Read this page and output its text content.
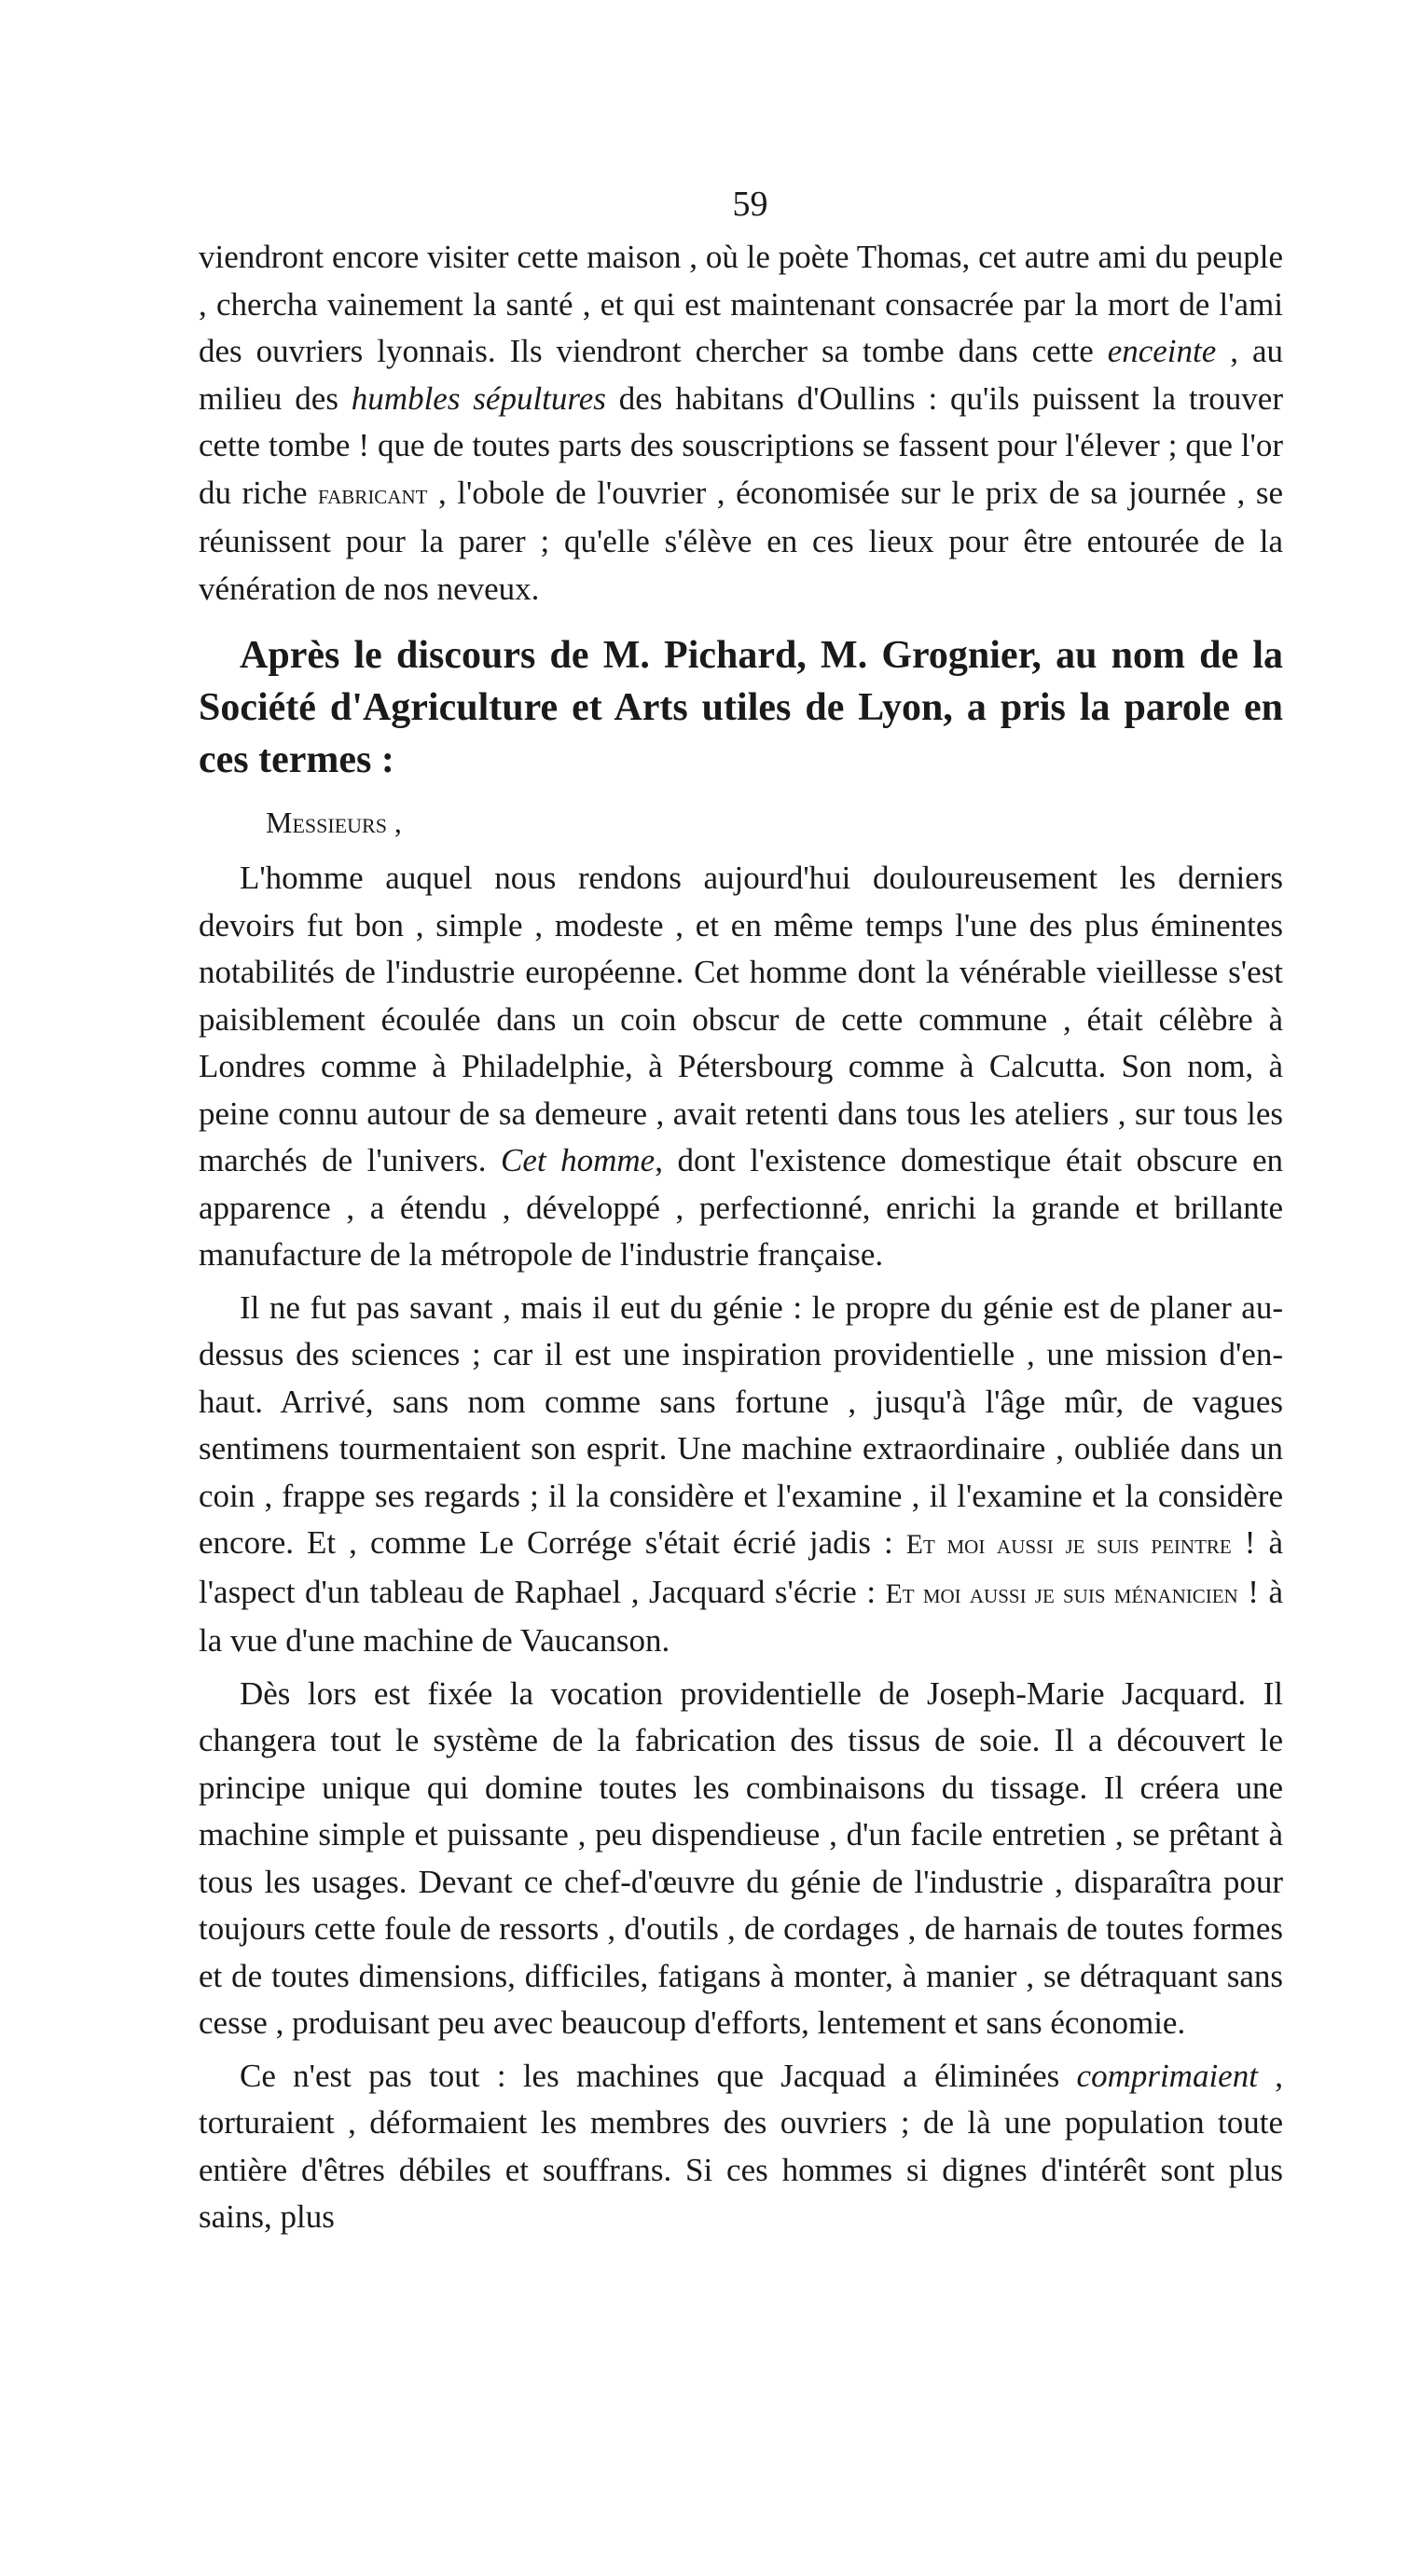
59

viendront encore visiter cette maison , où le poète Thomas, cet autre ami du peuple , chercha vainement la santé , et qui est maintenant consacrée par la mort de l'ami des ouvriers lyonnais. Ils viendront chercher sa tombe dans cette enceinte , au milieu des humbles sépultures des habitans d'Oullins : qu'ils puissent la trouver cette tombe ! que de toutes parts des souscriptions se fassent pour l'élever ; que l'or du riche fabricant , l'obole de l'ouvrier , économisée sur le prix de sa journée , se réunissent pour la parer ; qu'elle s'élève en ces lieux pour être entourée de la vénération de nos neveux.

Après le discours de M. Pichard, M. Grognier, au nom de la Société d'Agriculture et Arts utiles de Lyon, a pris la parole en ces termes :

Messieurs ,

L'homme auquel nous rendons aujourd'hui douloureusement les derniers devoirs fut bon , simple , modeste , et en même temps l'une des plus éminentes notabilités de l'industrie européenne. Cet homme dont la vénérable vieillesse s'est paisiblement écoulée dans un coin obscur de cette commune , était célèbre à Londres comme à Philadelphie, à Pétersbourg comme à Calcutta. Son nom, à peine connu autour de sa demeure , avait retenti dans tous les ateliers , sur tous les marchés de l'univers. Cet homme, dont l'existence domestique était obscure en apparence , a étendu , développé , perfectionné, enrichi la grande et brillante manufacture de la métropole de l'industrie française.

Il ne fut pas savant , mais il eut du génie : le propre du génie est de planer au-dessus des sciences ; car il est une inspiration providentielle , une mission d'en-haut. Arrivé, sans nom comme sans fortune , jusqu'à l'âge mûr, de vagues sentimens tourmentaient son esprit. Une machine extraordinaire , oubliée dans un coin , frappe ses regards ; il la considère et l'examine , il l'examine et la considère encore. Et , comme Le Corrége s'était écrié jadis : Et moi aussi je suis peintre ! à l'aspect d'un tableau de Raphael , Jacquard s'écrie : Et moi aussi je suis ménanicien ! à la vue d'une machine de Vaucanson.

Dès lors est fixée la vocation providentielle de Joseph-Marie Jacquard. Il changera tout le système de la fabrication des tissus de soie. Il a découvert le principe unique qui domine toutes les combinaisons du tissage. Il créera une machine simple et puissante , peu dispendieuse , d'un facile entretien , se prêtant à tous les usages. Devant ce chef-d'œuvre du génie de l'industrie , disparaîtra pour toujours cette foule de ressorts , d'outils , de cordages , de harnais de toutes formes et de toutes dimensions, difficiles, fatigans à monter, à manier , se détraquant sans cesse , produisant peu avec beaucoup d'efforts, lentement et sans économie.

Ce n'est pas tout : les machines que Jacquad a éliminées comprimaient , torturaient , déformaient les membres des ouvriers ; de là une population toute entière d'êtres débiles et souffrans. Si ces hommes si dignes d'intérêt sont plus sains, plus
